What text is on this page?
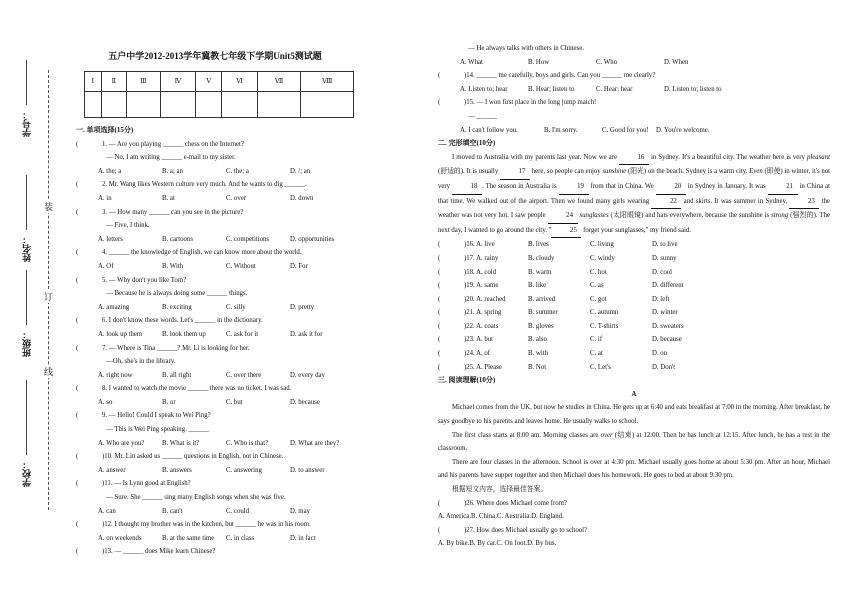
学号：
姓名：
班级：
学校：
装
订
线
五户中学2012-2013学年冀教七年级下学期Unit5测试题
Ⅰ	Ⅱ	Ⅲ	Ⅳ	Ⅴ	Ⅵ	Ⅶ	Ⅷ

一. 单项选择(15分)
(	1. — Are you playing ______ chess on the Internet?
— No, I am writing ______ e-mail to my sister.
A. the; a	B. a; an	C. the; a	D. /; an
(	2. Mr. Wang likes Western culture very much. And he wants to dig ______.
A. in	B. at	C. over	D. down
(	3. — How many ______ can you see in the picture?
— Five, I think.
A. letters	B. cartoons	C. competitions	D. opportunities
(	4. ______ the knowledge of English, we can know more about the world.
A. Of	B. With	C. Without	D. For
(	5. — Why don't you like Tom?
— Because he is always doing some ______ things.
A. amazing	B. exciting	C. silly	D. pretty
(	6. I don't know these words. Let's ______ in the dictionary.
A. look up them	B. look them up	C. ask for it	D. ask it for
(	7. — Where is Tina ______? Mr. Li is looking for her.
—Oh, she's in the library.
A. right now	B. all right	C. over there	D. every day
(	8. I wanted to watch the movie ______ there was no ticket. I was sad.
A. so	B. or	C. but	D. because
(	9. — Hello! Could I speak to Wei Ping?
— This is Wei Ping speaking. ______
A. Who are you?	B. What is it?	C. Who is that?	D. What are they?
(	)10. Mr. Lin asked us ______ questions in English, not in Chinese.
A. answer	B. answers	C. answering	D. to answer
(	)11. — Is Lynn good at English?
— Sure. She ______ sing many English songs when she was five.
A. can	B. can't	C. could	D. may
(	)12. I thought my brother was in the kitchen, but ______ he was in his room.
A. on weekends	B. at the same time	C. in class	D. in fact
(	)13. — ______ does Mike learn Chinese?
— He always talks with others in Chinese.
A. What	B. How	C. Who	D. When
(	)14. ______ me carefully, boys and girls. Can you ______ me clearly?
A. Listen to; hear	B. Hear; listen to	C. Hear; hear	D. Listen to; listen to
(	)15. — I won first place in the long jump match!
— ______
A. I can't follow you.	B. I'm sorry.	C. Good for you!	D. You're welcome.
二. 完形填空(10分)
I moved to Australia with my parents last year. Now we are	16 in Sydney. It's a beautiful city. The weather here is very pleasant (舒适的). It is usually	17 here, so people can enjoy sunshine (阳光) on the beach. Sydney is a warm city. Even (即使) in winter, it's not very	18 . The season in Australia is	19 from that in China. We	20 in Sydney in January. It was	21 in China at that time. We walked out of the airport. Then we found many girls wearing	22 and skirts. It was summer in Sydney,	23 the weather was not very hot. I saw people	24 sunglasses (太阳眼镜) and hats everywhere, because the sunshine is strong (强烈的). The next day, I wanted to go around the city. "	25 forget your sunglasses," my friend said.
(	)16. A. live	B. lives	C. living	D. to live
(	)17. A. rainy	B. cloudy	C. windy	D. sunny
(	)18. A. cold	B. warm	C. hot	D. cool
(	)19. A. same	B. like	C. as	D. different
(	)20. A. reached	B. arrived	C. got	D. left
(	)21. A. spring	B. summer	C. autumn	D. winter
(	)22. A. coats	B. gloves	C. T-shirts	D. sweaters
(	)23. A. but	B. also	C. if	D. because
(	)24. A. of	B. with	C. at	D. on
(	)25. A. Please	B. Not	C. Let's	D. Don't
三. 阅读理解(10分)
A
Michael comes from the UK, but now he studies in China. He gets up at 6:40 and eats breakfast at 7:00 in the morning. After breakfast, he says goodbye to his parents and leaves home. He usually walks to school.
The first class starts at 8:00 am. Morning classes are over (结束) at 12:00. Then he has lunch at 12:15. After lunch, he has a rest in the classroom.
There are four classes in the afternoon. School is over at 4:30 pm. Michael usually goes home at about 5:30 pm. After an hour, Michael and his parents have supper together and then Michael does his homework. He goes to bed at about 9:30 pm.
根据短文内容，选择最佳答案。
(	)26. Where does Michael come from?
A. America.B. China.C. Australia.D. England.
(	)27. How does Michael usually go to school?
A. By bike.B. By car.C. On foot.D. By bus.
